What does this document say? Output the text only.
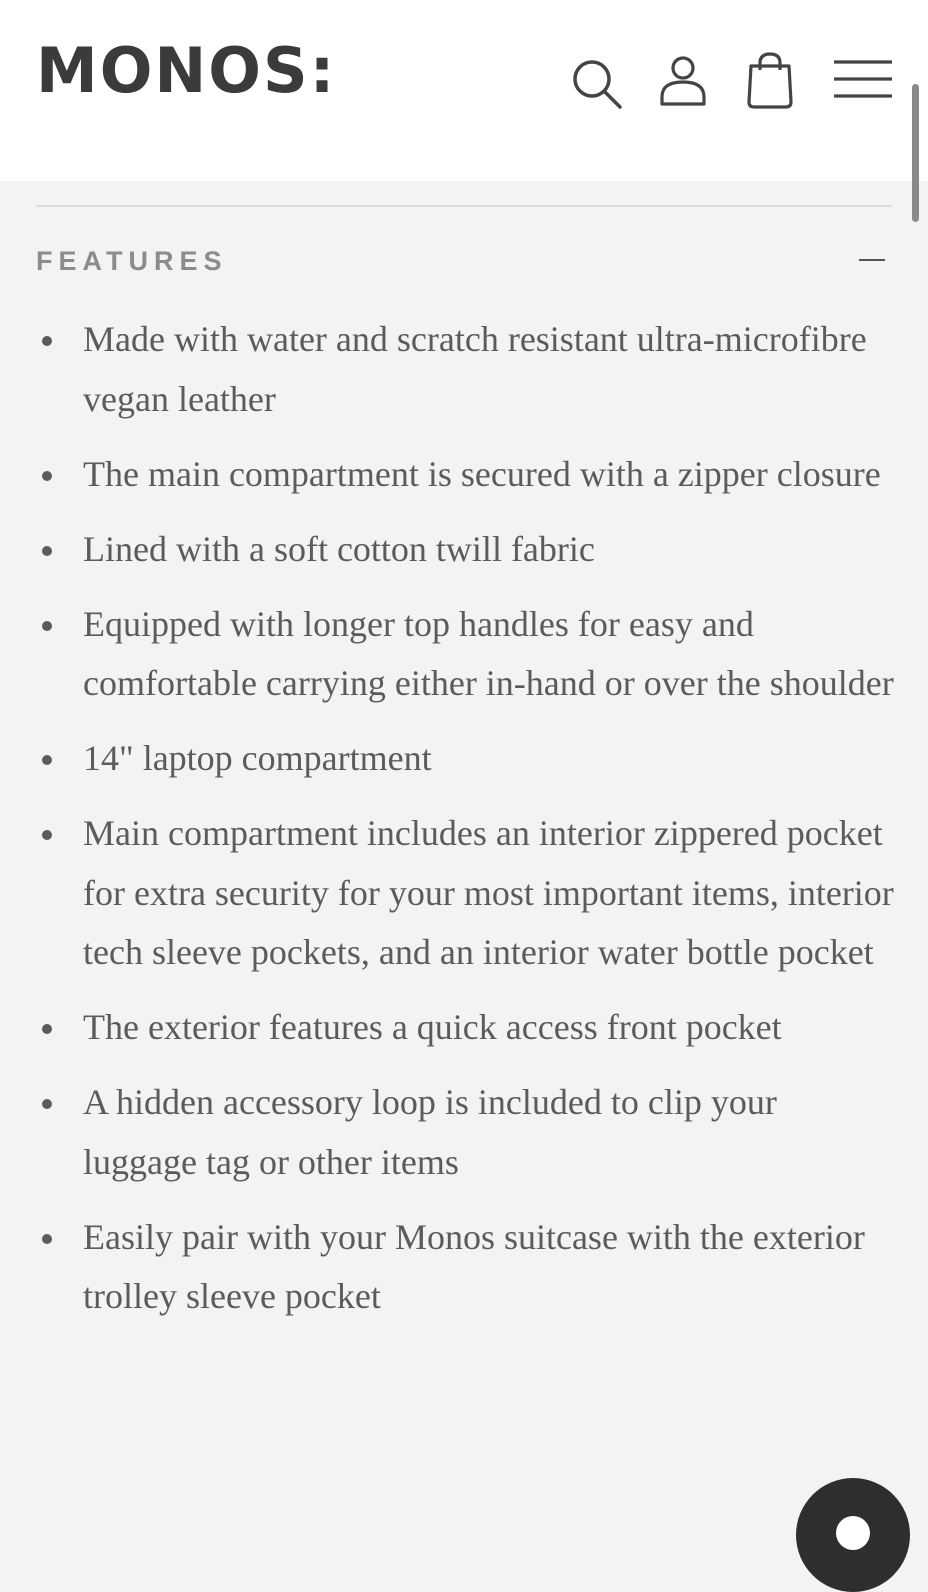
MONOS:
FEATURES
Made with water and scratch resistant ultra-microfibre vegan leather
The main compartment is secured with a zipper closure
Lined with a soft cotton twill fabric
Equipped with longer top handles for easy and comfortable carrying either in-hand or over the shoulder
14" laptop compartment
Main compartment includes an interior zippered pocket for extra security for your most important items, interior tech sleeve pockets, and an interior water bottle pocket
The exterior features a quick access front pocket
A hidden accessory loop is included to clip your luggage tag or other items
Easily pair with your Monos suitcase with the exterior trolley sleeve pocket
